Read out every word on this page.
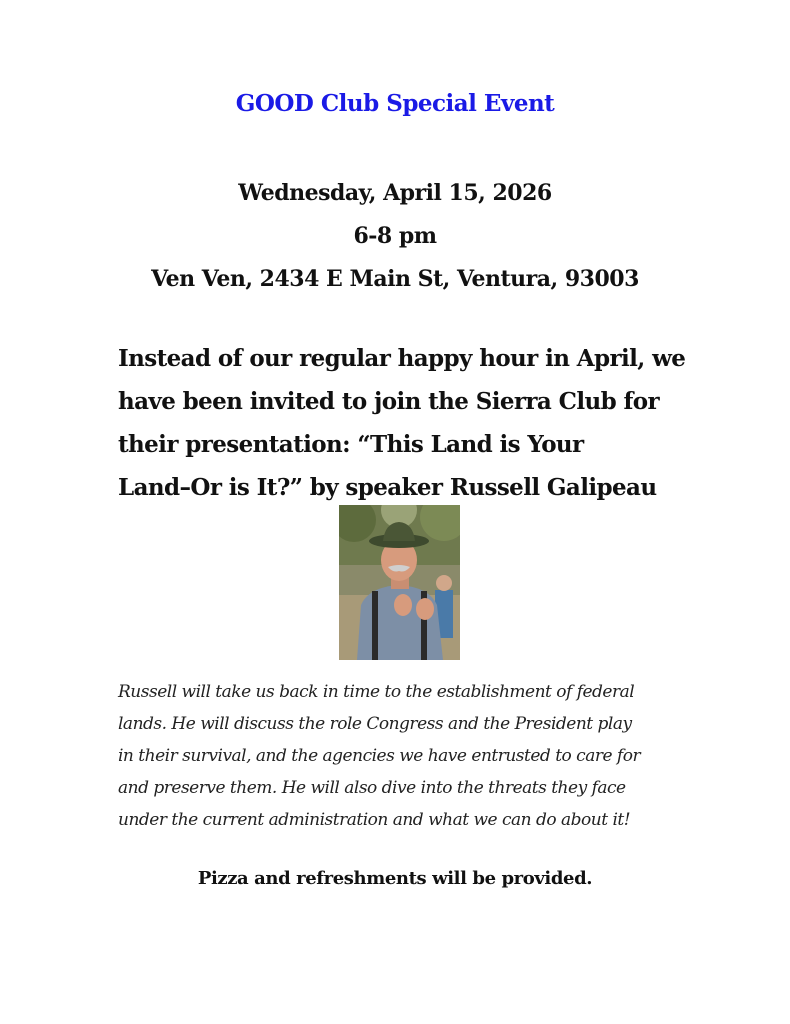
GOOD Club Special Event
Wednesday, April 15, 2026
6-8 pm
Ven Ven, 2434 E Main St, Ventura, 93003
Instead of our regular happy hour in April, we
have been invited to join the Sierra Club for
their presentation: “This Land is Your
Land–Or is It?” by speaker Russell Galipeau
Russell will take us back in time to the establishment of federal
lands. He will discuss the role Congress and the President play
in their survival, and the agencies we have entrusted to care for
and preserve them. He will also dive into the threats they face
under the current administration and what we can do about it!
Pizza and refreshments will be provided.
